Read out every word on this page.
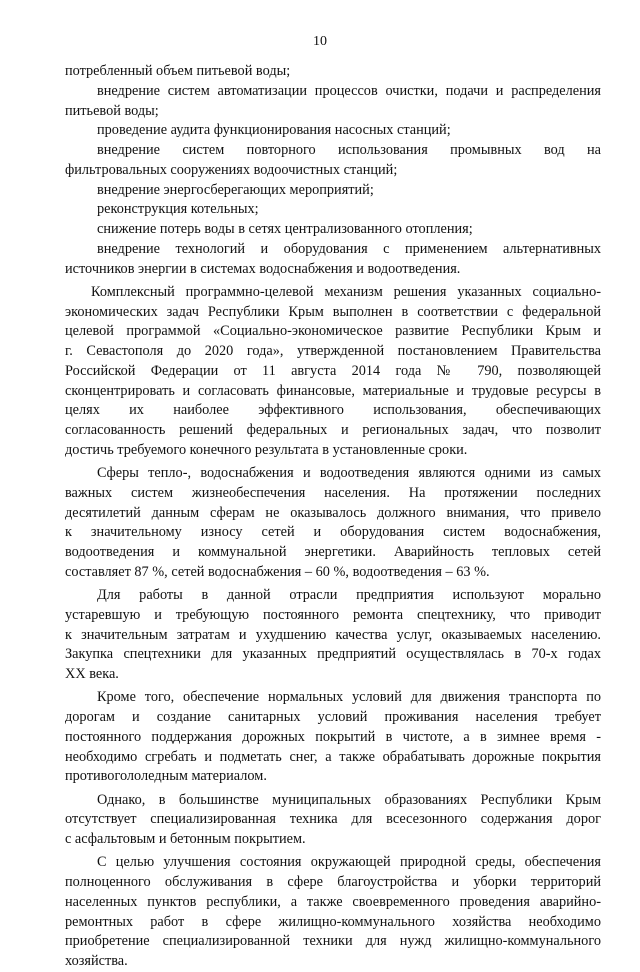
10
потребленный объем питьевой воды;
внедрение систем автоматизации процессов очистки, подачи и распределения
питьевой воды;
проведение аудита функционирования насосных станций;
внедрение систем повторного использования промывных вод на
фильтровальных сооружениях водоочистных станций;
внедрение энергосберегающих мероприятий;
реконструкция котельных;
снижение потерь воды в сетях централизованного отопления;
внедрение технологий и оборудования с применением альтернативных
источников энергии в системах водоснабжения и водоотведения.
Комплексный программно-целевой механизм решения указанных социально-
экономических задач Республики Крым выполнен в соответствии с федеральной
целевой программой «Социально-экономическое развитие Республики Крым и
г. Севастополя до 2020 года», утвержденной постановлением Правительства
Российской Федерации от 11 августа 2014 года № 790, позволяющей
сконцентрировать и согласовать финансовые, материальные и трудовые ресурсы в
целях их наиболее эффективного использования, обеспечивающих
согласованность решений федеральных и региональных задач, что позволит
достичь требуемого конечного результата в установленные сроки.
Сферы тепло-, водоснабжения и водоотведения являются одними из самых
важных систем жизнеобеспечения населения. На протяжении последних
десятилетий данным сферам не оказывалось должного внимания, что привело
к значительному износу сетей и оборудования систем водоснабжения,
водоотведения и коммунальной энергетики. Аварийность тепловых сетей
составляет 87 %, сетей водоснабжения – 60 %, водоотведения – 63 %.
Для работы в данной отрасли предприятия используют морально
устаревшую и требующую постоянного ремонта спецтехнику, что приводит
к значительным затратам и ухудшению качества услуг, оказываемых населению.
Закупка спецтехники для указанных предприятий осуществлялась в 70-х годах
XX века.
Кроме того, обеспечение нормальных условий для движения транспорта по
дорогам и создание санитарных условий проживания населения требует
постоянного поддержания дорожных покрытий в чистоте, а в зимнее время -
необходимо сгребать и подметать снег, а также обрабатывать дорожные покрытия
противогололедным материалом.
Однако, в большинстве муниципальных образованиях Республики Крым
отсутствует специализированная техника для всесезонного содержания дорог
с асфальтовым и бетонным покрытием.
С целью улучшения состояния окружающей природной среды, обеспечения
полноценного обслуживания в сфере благоустройства и уборки территорий
населенных пунктов республики, а также своевременного проведения аварийно-
ремонтных работ в сфере жилищно-коммунального хозяйства необходимо
приобретение специализированной техники для нужд жилищно-коммунального
хозяйства.
